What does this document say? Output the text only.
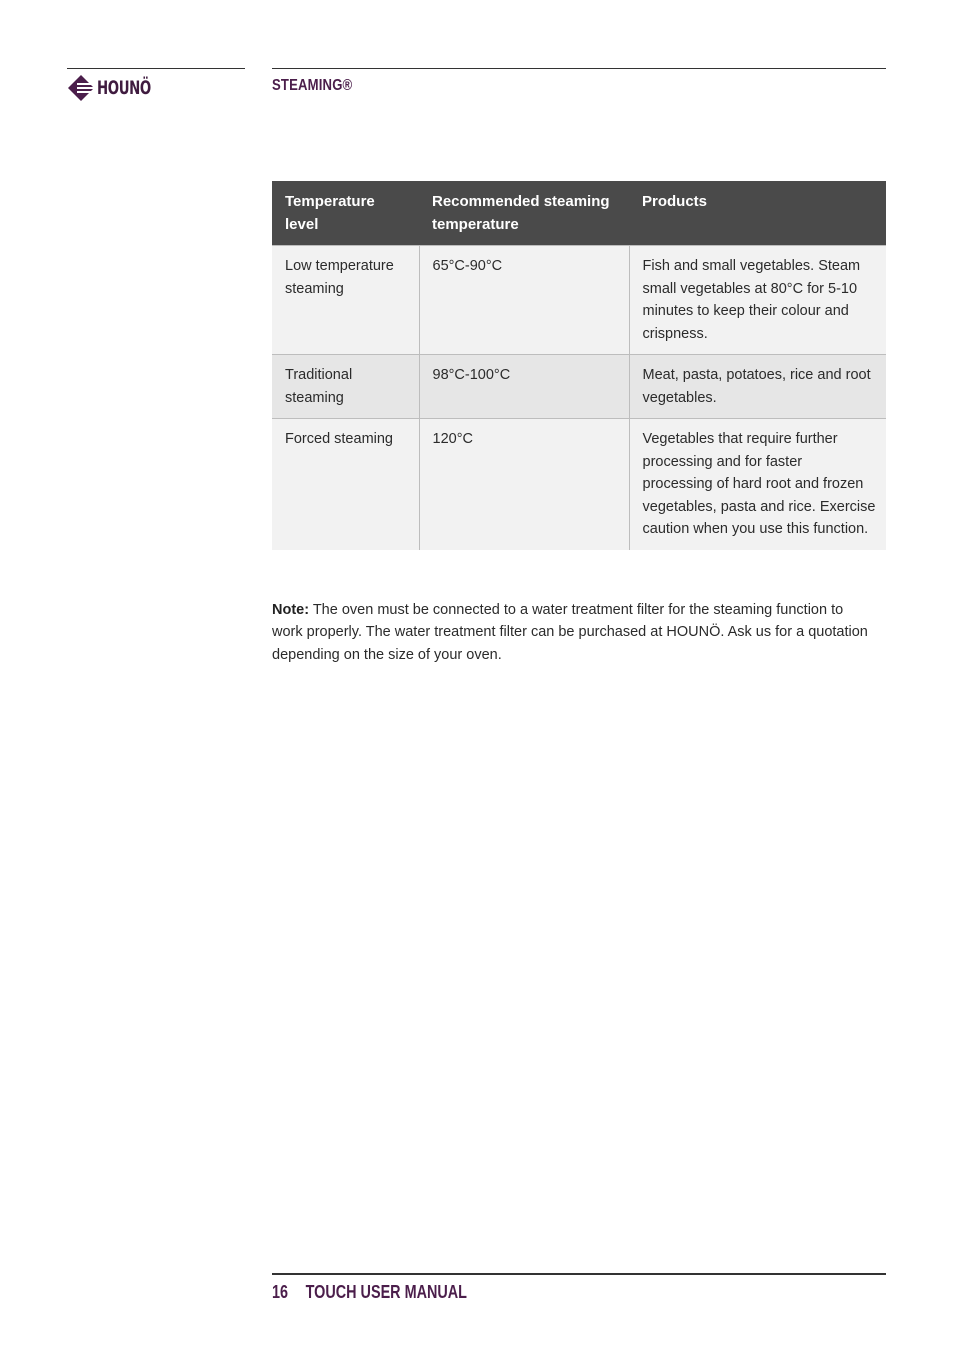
HOUNÖ	STEAMING®
Temperature level	Recommended steaming temperature	Products
Low temperature steaming	65°C-90°C	Fish and small vegetables. Steam small vegetables at 80°C for 5-10 minutes to keep their colour and crispness.
Traditional steaming	98°C-100°C	Meat, pasta, potatoes, rice and root vegetables.
Forced steaming	120°C	Vegetables that require further processing and for faster processing of hard root and frozen vegetables, pasta and rice. Exercise caution when you use this function.

Note: The oven must be connected to a water treatment filter for the steaming function to work properly. The water treatment filter can be purchased at HOUNÖ. Ask us for a quotation depending on the size of your oven.

16 TOUCH USER MANUAL
